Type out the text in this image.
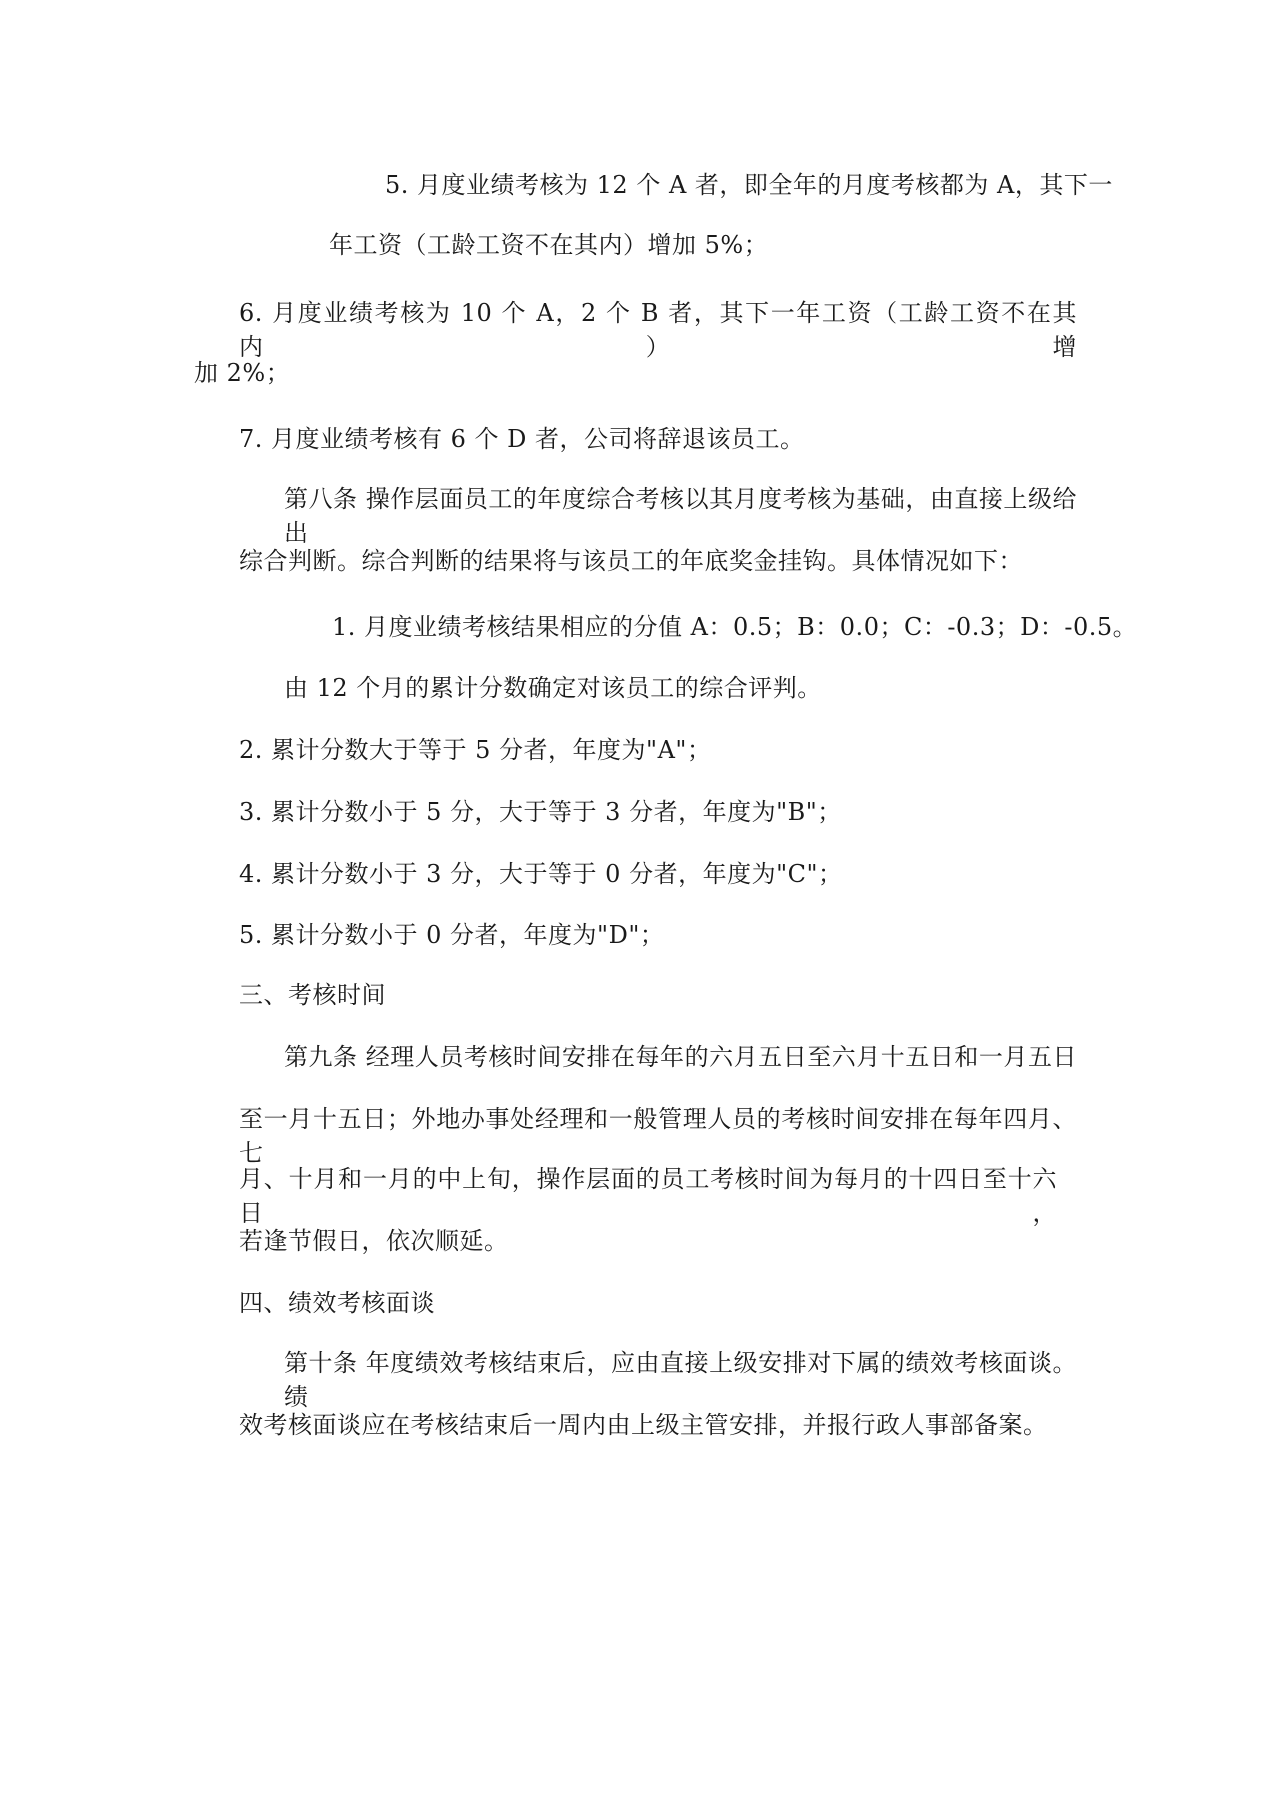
5. 月度业绩考核为 12 个 A 者，即全年的月度考核都为 A，其下一
年工资（工龄工资不在其内）增加 5%；
6. 月度业绩考核为 10 个 A，2 个 B 者，其下一年工资（工龄工资不在其内）增
加 2%；
7. 月度业绩考核有 6 个 D 者，公司将辞退该员工。
第八条 操作层面员工的年度综合考核以其月度考核为基础，由直接上级给出
综合判断。综合判断的结果将与该员工的年底奖金挂钩。具体情况如下：
1. 月度业绩考核结果相应的分值 A：0.5；B：0.0；C：-0.3；D：-0.5。
由 12 个月的累计分数确定对该员工的综合评判。
2. 累计分数大于等于 5 分者，年度为"A"；
3. 累计分数小于 5 分，大于等于 3 分者，年度为"B"；
4. 累计分数小于 3 分，大于等于 0 分者，年度为"C"；
5. 累计分数小于 0 分者，年度为"D"；
三、考核时间
第九条 经理人员考核时间安排在每年的六月五日至六月十五日和一月五日
至一月十五日；外地办事处经理和一般管理人员的考核时间安排在每年四月、七
月、十月和一月的中上旬，操作层面的员工考核时间为每月的十四日至十六日，
若逢节假日，依次顺延。
四、绩效考核面谈
第十条 年度绩效考核结束后，应由直接上级安排对下属的绩效考核面谈。绩
效考核面谈应在考核结束后一周内由上级主管安排，并报行政人事部备案。
